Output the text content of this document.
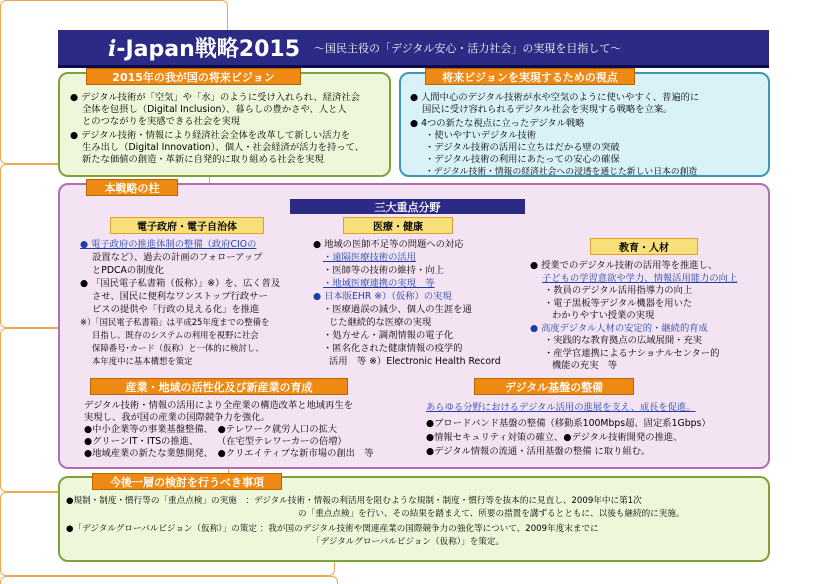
i-Japan戦略2015 ～国民主役の「デジタル安心・活力社会」の実現を目指して～
2015年の我が国の将来ビジョン
● デジタル技術が「空気」や「水」のように受け入れられ、経済社会
全体を包摂し（Digital Inclusion）、暮らしの豊かさや、人と人
とのつながりを実感できる社会を実現
● デジタル技術・情報により経済社会全体を改革して新しい活力を
生み出し（Digital Innovation）、個人・社会経済が活力を持って、
新たな価値の創造・革新に自発的に取り組める社会を実現
将来ビジョンを実現するための視点
● 人間中心のデジタル技術が水や空気のように使いやすく、普遍的に
国民に受け容れられるデジタル社会を実現する戦略を立案。
● 4つの新たな視点に立ったデジタル戦略
・使いやすいデジタル技術
・デジタル技術の活用に立ちはだかる壁の突破
・デジタル技術の利用にあたっての安心の確保
・デジタル技術・情報の経済社会への浸透を通じた新しい日本の創造
本戦略の柱
三大重点分野
電子政府・電子自治体
● 電子政府の推進体制の整備（政府CIOの
設置など）、過去の計画のフォローアップ
とPDCAの制度化
● 「国民電子私書箱（仮称）」※）を、広く普及
させ、国民に便利なワンストップ行政サー
ビスの提供や「行政の見える化」を推進
※）「国民電子私書箱」は平成25年度までの整備を
目指し、既存のシステムの利用を視野に社会
保障番号･カード（仮称）と一体的に検討し、
本年度中に基本構想を策定
医療・健康
● 地域の医師不足等の問題への対応
・遠隔医療技術の活用
・医師等の技術の維持・向上
・地域医療連携の実現　等
● 日本版EHR ※）（仮称）の実現
・医療過誤の減少、個人の生涯を通
じた継続的な医療の実現
・処方せん・調剤情報の電子化
・匿名化された健康情報の疫学的
活用　等 ※）Electronic Health Record
教育・人材
● 授業でのデジタル技術の活用等を推進し、
子どもの学習意欲や学力、情報活用能力の向上
・教員のデジタル活用指導力の向上
・電子黒板等デジタル機器を用いた
わかりやすい授業の実現
● 高度デジタル人材の安定的・継続的育成
・実践的な教育拠点の広域展開・充実
・産学官連携によるナショナルセンター的
機能の充実　等
産業・地域の活性化及び新産業の育成
デジタル技術・情報の活用により全産業の構造改革と地域再生を
実現し、我が国の産業の国際競争力を強化。
●中小企業等の事業基盤整備、　●テレワーク就労人口の拡大
●グリーンIT・ITSの推進、　　　（在宅型テレワーカーの倍増）
●地域産業の新たな業態開発、　●クリエイティブな新市場の創出　等
デジタル基盤の整備
あらゆる分野におけるデジタル活用の進展を支え、成長を促進。
●ブロードバンド基盤の整備（移動系100Mbps超、固定系1Gbps）
●情報セキュリティ対策の確立、●デジタル技術開発の推進、
●デジタル情報の流通・活用基盤の整備 に取り組む。
今後一層の検討を行うべき事項
●規制・制度・慣行等の「重点点検」の実施　：デジタル技術・情報の利活用を阻むような規制・制度・慣行等を抜本的に見直し、2009年中に第1次
の「重点点検」を行い、その結果を踏まえて、所要の措置を講ずるとともに、以後も継続的に実施。
●「デジタルグローバルビジョン（仮称）」の策定 ：我が国のデジタル技術や関連産業の国際競争力の強化等について、2009年度末までに
「デジタルグローバルビジョン（仮称）」を策定。
